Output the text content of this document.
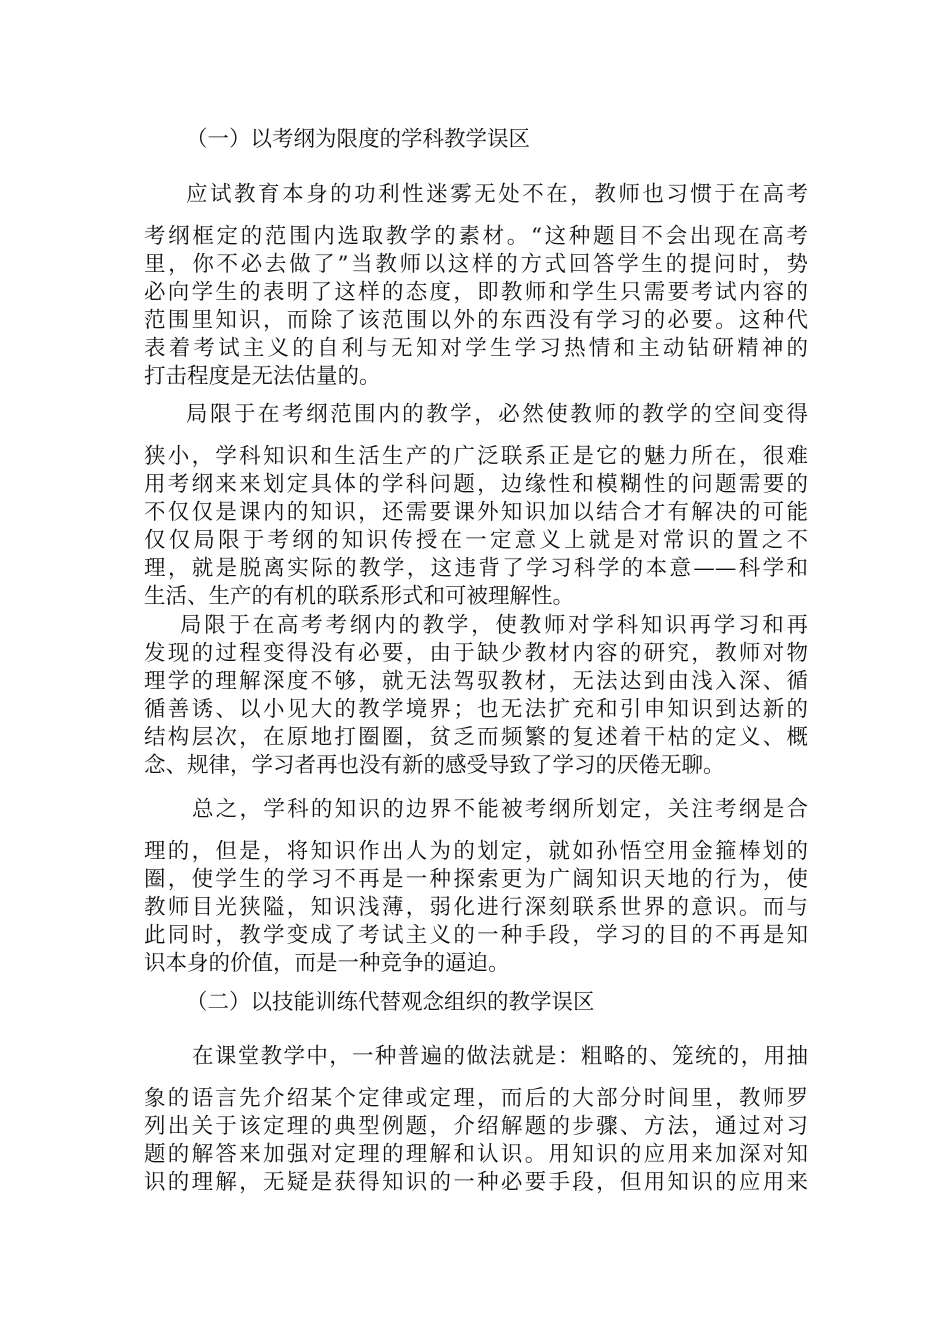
（一）以考纲为限度的学科教学误区
应试教育本身的功利性迷雾无处不在，教师也习惯于在高考
考纲框定的范围内选取教学的素材。“这种题目不会出现在高考
里，你不必去做了”当教师以这样的方式回答学生的提问时，势
必向学生的表明了这样的态度，即教师和学生只需要考试内容的
范围里知识，而除了该范围以外的东西没有学习的必要。这种代
表着考试主义的自利与无知对学生学习热情和主动钻研精神的
打击程度是无法估量的。
局限于在考纲范围内的教学，必然使教师的教学的空间变得
狭小，学科知识和生活生产的广泛联系正是它的魅力所在，很难
用考纲来来划定具体的学科问题，边缘性和模糊性的问题需要的
不仅仅是课内的知识，还需要课外知识加以结合才有解决的可能
仅仅局限于考纲的知识传授在一定意义上就是对常识的置之不
理，就是脱离实际的教学，这违背了学习科学的本意——科学和
生活、生产的有机的联系形式和可被理解性。
局限于在高考考纲内的教学，使教师对学科知识再学习和再
发现的过程变得没有必要，由于缺少教材内容的研究，教师对物
理学的理解深度不够，就无法驾驭教材，无法达到由浅入深、循
循善诱、以小见大的教学境界；也无法扩充和引申知识到达新的
结构层次，在原地打圈圈，贫乏而频繁的复述着干枯的定义、概
念、规律，学习者再也没有新的感受导致了学习的厌倦无聊。
总之，学科的知识的边界不能被考纲所划定，关注考纲是合
理的，但是，将知识作出人为的划定，就如孙悟空用金箍棒划的
圈，使学生的学习不再是一种探索更为广阔知识天地的行为，使
教师目光狭隘，知识浅薄，弱化进行深刻联系世界的意识。而与
此同时，教学变成了考试主义的一种手段，学习的目的不再是知
识本身的价值，而是一种竞争的逼迫。
（二）以技能训练代替观念组织的教学误区
在课堂教学中，一种普遍的做法就是：粗略的、笼统的，用抽
象的语言先介绍某个定律或定理，而后的大部分时间里，教师罗
列出关于该定理的典型例题，介绍解题的步骤、方法，通过对习
题的解答来加强对定理的理解和认识。用知识的应用来加深对知
识的理解，无疑是获得知识的一种必要手段，但用知识的应用来
